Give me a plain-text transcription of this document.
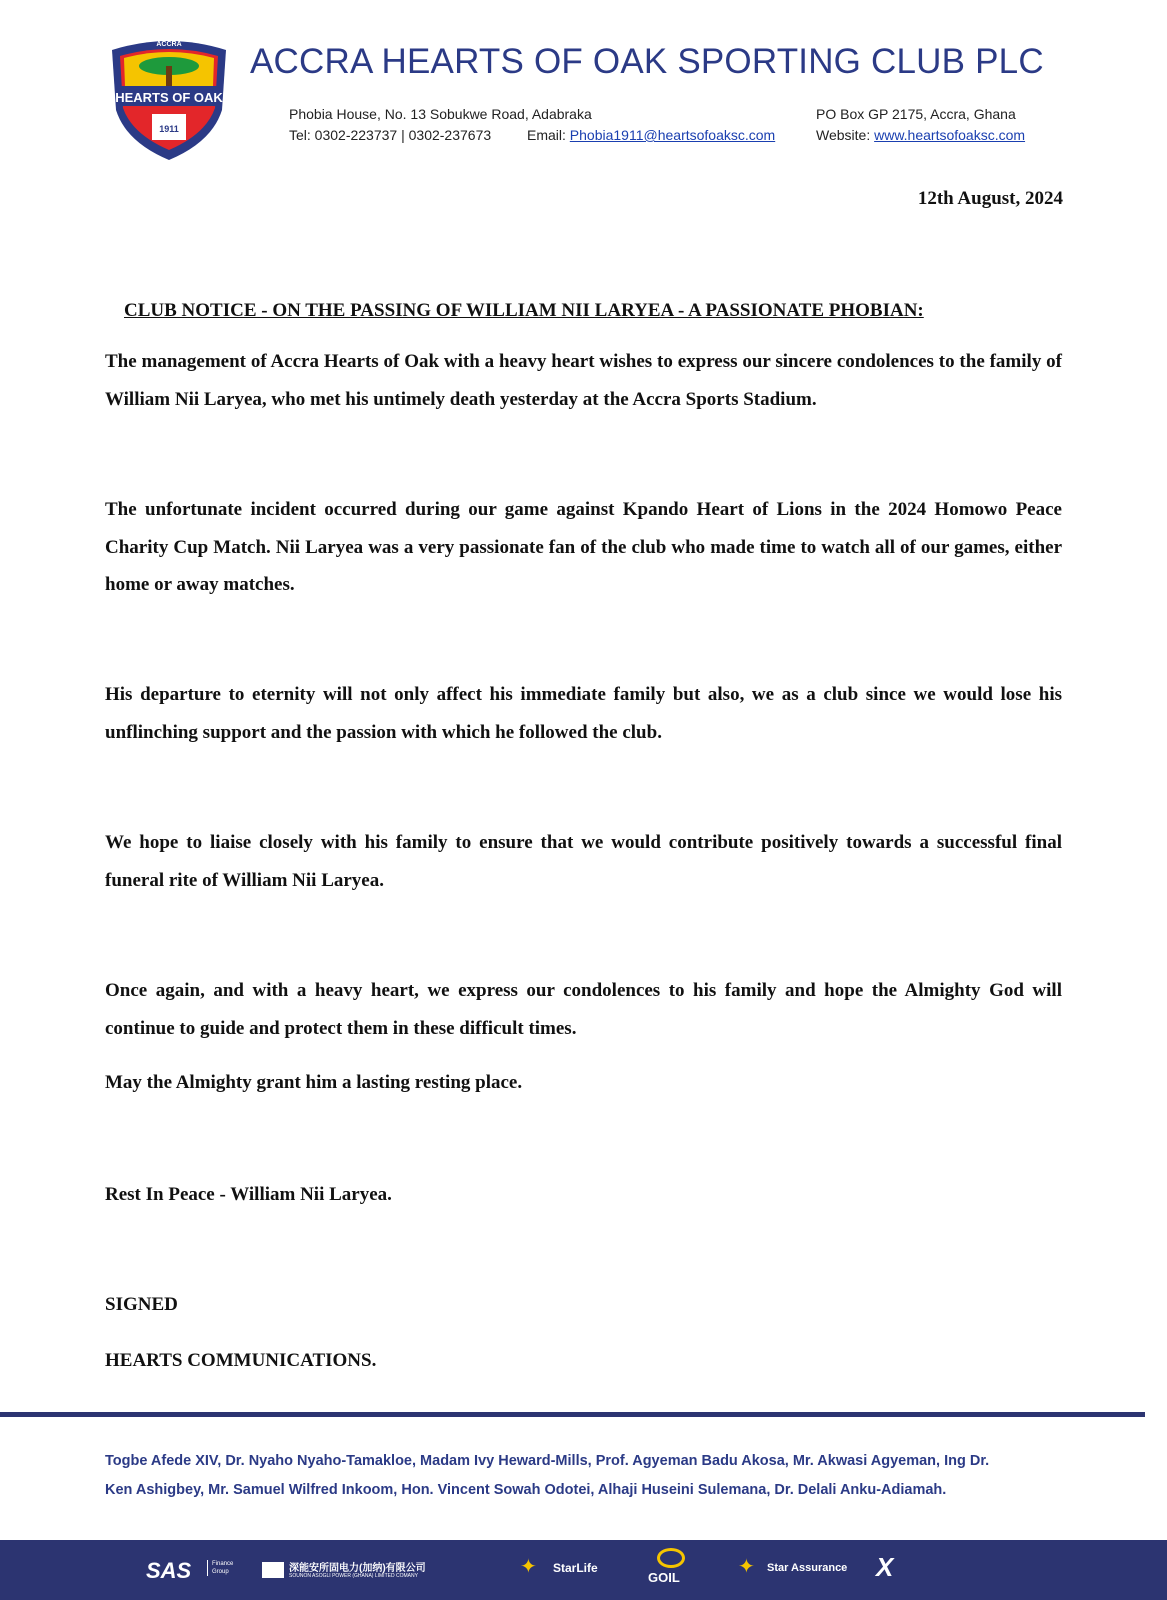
ACCRA
HEARTS OF OAK
1911
ACCRA HEARTS OF OAK SPORTING CLUB PLC
Phobia House, No. 13 Sobukwe Road, Adabraka	PO Box GP 2175, Accra, Ghana
Tel: 0302-223737 | 0302-237673	Email: Phobia1911@heartsofoaksc.com	Website: www.heartsofoaksc.com
12th August, 2024
CLUB NOTICE - ON THE PASSING OF WILLIAM NII LARYEA - A PASSIONATE PHOBIAN:
The management of Accra Hearts of Oak with a heavy heart wishes to express our sincere condolences to the family of William Nii Laryea, who met his untimely death yesterday at the Accra Sports Stadium.
The unfortunate incident occurred during our game against Kpando Heart of Lions in the 2024 Homowo Peace Charity Cup Match. Nii Laryea was a very passionate fan of the club who made time to watch all of our games, either home or away matches.
His departure to eternity will not only affect his immediate family but also, we as a club since we would lose his unflinching support and the passion with which he followed the club.
We hope to liaise closely with his family to ensure that we would contribute positively towards a successful final funeral rite of William Nii Laryea.
Once again, and with a heavy heart, we express our condolences to his family and hope the Almighty God will continue to guide and protect them in these difficult times.
May the Almighty grant him a lasting resting place.
Rest In Peace - William Nii Laryea.
SIGNED
HEARTS COMMUNICATIONS.
Togbe Afede XIV, Dr. Nyaho Nyaho-Tamakloe, Madam Ivy Heward-Mills, Prof. Agyeman Badu Akosa, Mr. Akwasi Agyeman, Ing Dr. Ken Ashigbey, Mr. Samuel Wilfred Inkoom, Hon. Vincent Sowah Odotei, Alhaji Huseini Sulemana, Dr. Delali Anku-Adiamah.
SAS	Finance Group	深能安所固电力(加纳)有限公司
SOUNON ASOGLI POWER (GHANA) LIMITED COMANY	✦ StarLife
GOIL	✦ Star Assurance X
